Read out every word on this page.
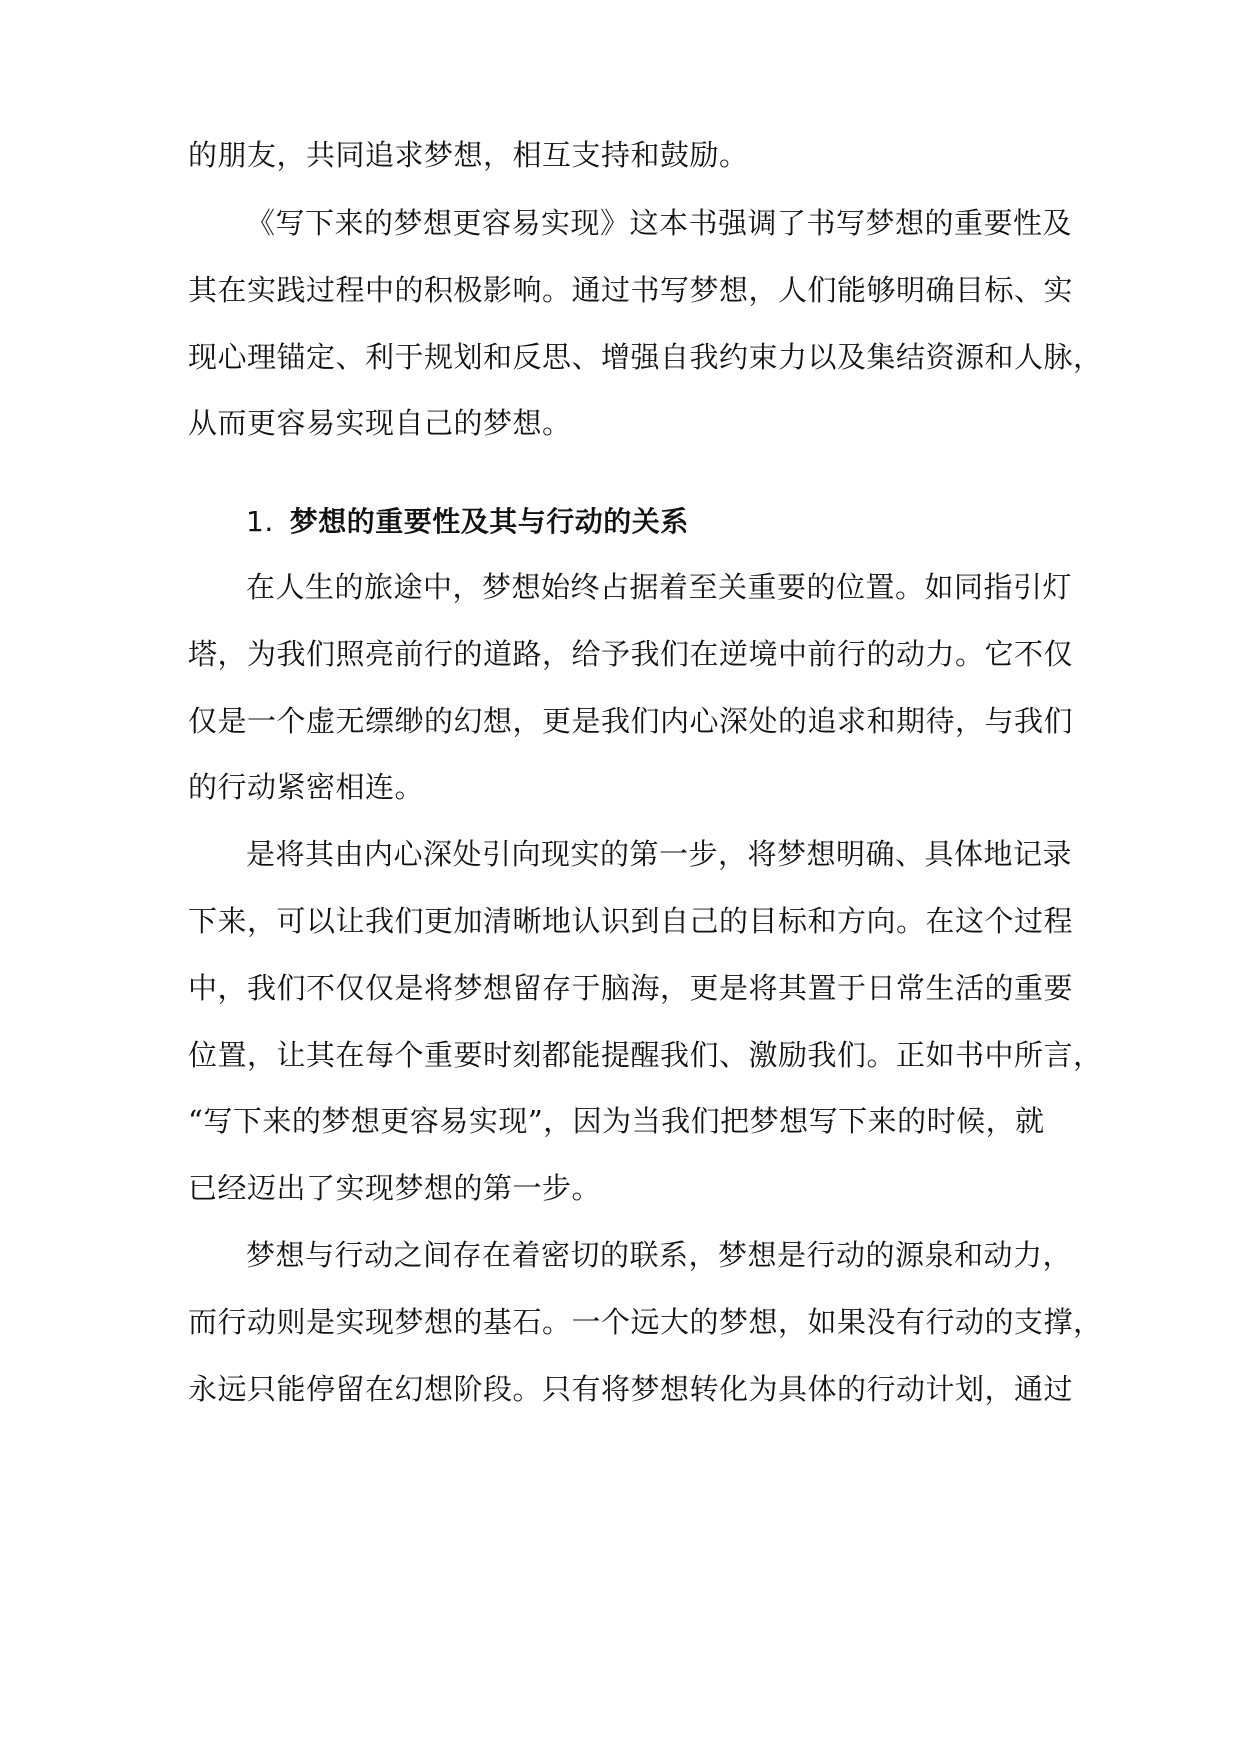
的朋友，共同追求梦想，相互支持和鼓励。
《写下来的梦想更容易实现》这本书强调了书写梦想的重要性及
其在实践过程中的积极影响。通过书写梦想，人们能够明确目标、实
现心理锚定、利于规划和反思、增强自我约束力以及集结资源和人脉，
从而更容易实现自己的梦想。
1. 梦想的重要性及其与行动的关系
在人生的旅途中，梦想始终占据着至关重要的位置。如同指引灯
塔，为我们照亮前行的道路，给予我们在逆境中前行的动力。它不仅
仅是一个虚无缥缈的幻想，更是我们内心深处的追求和期待，与我们
的行动紧密相连。
是将其由内心深处引向现实的第一步，将梦想明确、具体地记录
下来，可以让我们更加清晰地认识到自己的目标和方向。在这个过程
中，我们不仅仅是将梦想留存于脑海，更是将其置于日常生活的重要
位置，让其在每个重要时刻都能提醒我们、激励我们。正如书中所言，
“写下来的梦想更容易实现”，因为当我们把梦想写下来的时候，就
已经迈出了实现梦想的第一步。
梦想与行动之间存在着密切的联系，梦想是行动的源泉和动力，
而行动则是实现梦想的基石。一个远大的梦想，如果没有行动的支撑，
永远只能停留在幻想阶段。只有将梦想转化为具体的行动计划，通过
